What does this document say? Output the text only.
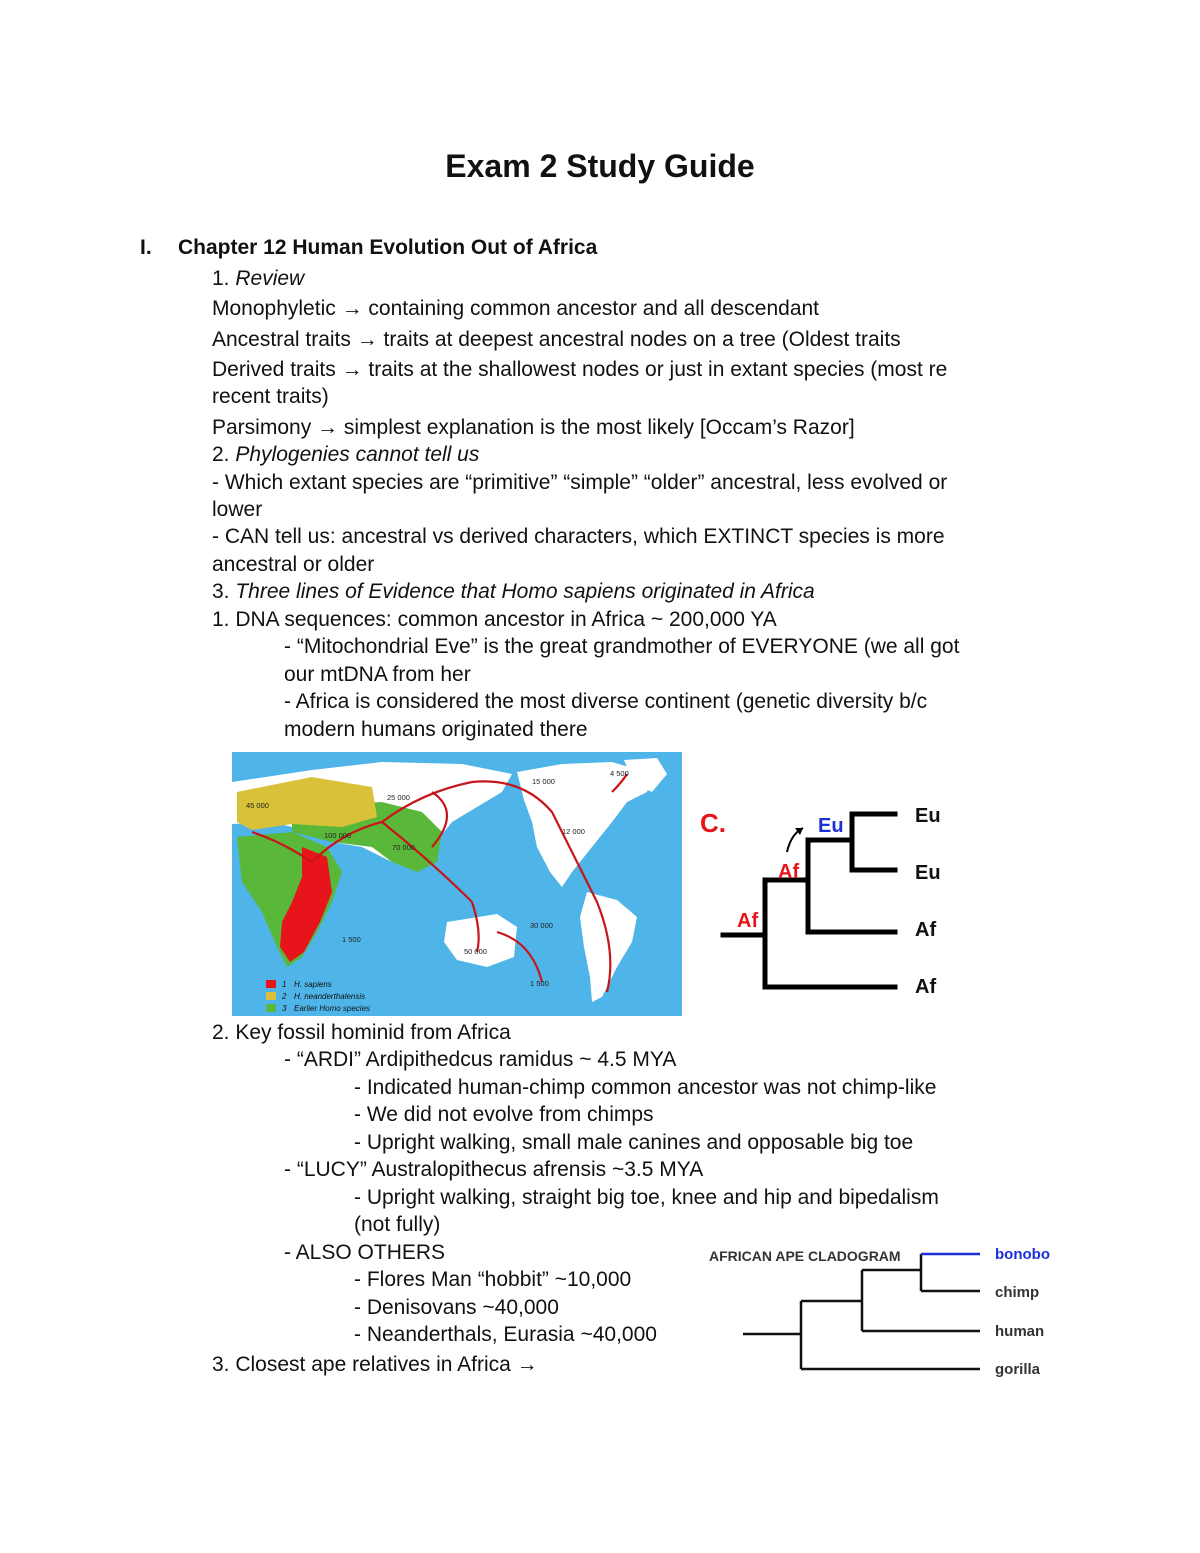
Exam 2 Study Guide
I. Chapter 12 Human Evolution Out of Africa
1. Review
Monophyletic → containing common ancestor and all descendant
Ancestral traits → traits at deepest ancestral nodes on a tree (Oldest traits
Derived traits → traits at the shallowest nodes or just in extant species (most re
recent traits)
Parsimony → simplest explanation is the most likely [Occam’s Razor]
2. Phylogenies cannot tell us
- Which extant species are “primitive” “simple” “older” ancestral, less evolved or
lower
- CAN tell us: ancestral vs derived characters, which EXTINCT species is more
ancestral or older
3. Three lines of Evidence that Homo sapiens originated in Africa
1. DNA sequences: common ancestor in Africa ~ 200,000 YA
- “Mitochondrial Eve” is the great grandmother of EVERYONE (we all got
our mtDNA from her
- Africa is considered the most diverse continent (genetic diversity b/c
modern humans originated there
25 000
15 000
4 500
45 000
100 000
70 000
12 000
30 000
50 000
1 500
1 500
1 H. sapiens
2 H. neanderthalensis
3 Earlier Homo species
C.
Af
Af
Eu	Eu
Eu
Af
Af
2. Key fossil hominid from Africa
- “ARDI” Ardipithedcus ramidus ~ 4.5 MYA
- Indicated human-chimp common ancestor was not chimp-like
- We did not evolve from chimps
- Upright walking, small male canines and opposable big toe
- “LUCY” Australopithecus afrensis ~3.5 MYA
- Upright walking, straight big toe, knee and hip and bipedalism
(not fully)
- ALSO OTHERS
- Flores Man “hobbit” ~10,000
- Denisovans ~40,000
- Neanderthals, Eurasia ~40,000
3. Closest ape relatives in Africa →
AFRICAN APE CLADOGRAM	bonobo
chimp
human
gorilla
